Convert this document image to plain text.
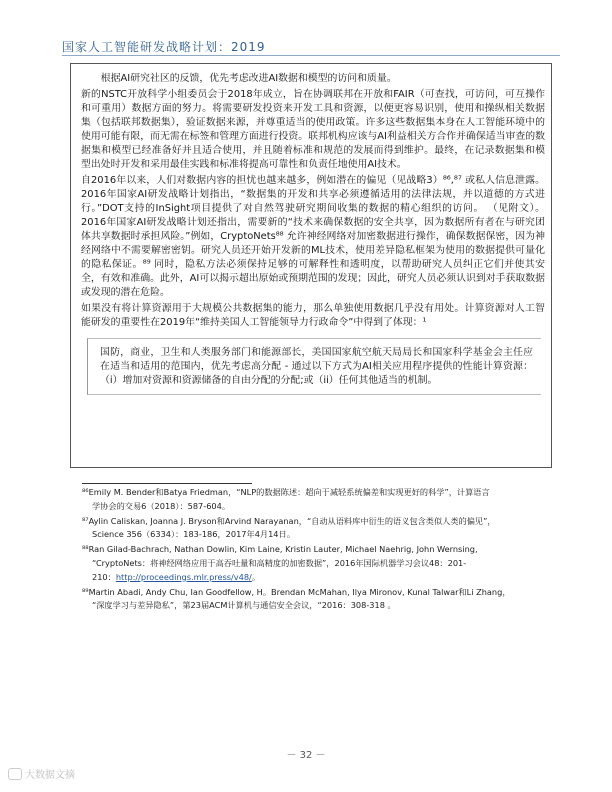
国家人工智能研发战略计划：2019

根据AI研究社区的反馈，优先考虑改进AI数据和模型的访问和质量。

新的NSTC开放科学小组委员会于2018年成立，旨在协调联邦在开放和FAIR（可查找，可访问，可互操作和可重用）数据方面的努力。将需要研发投资来开发工具和资源，以便更容易识别，使用和操纵相关数据集（包括联邦数据集），验证数据来源，并尊重适当的使用政策。许多这些数据集本身在人工智能环境中的使用可能有限，而无需在标签和管理方面进行投资。联邦机构应该与AI利益相关方合作并确保适当审查的数据集和模型已经准备好并且适合使用，并且随着标准和规范的发展而得到维护。最终，在记录数据集和模型出处时开发和采用最佳实践和标准将提高可靠性和负责任地使用AI技术。

自2016年以来，人们对数据内容的担忧也越来越多，例如潜在的偏见（见战略3）⁸⁶,⁸⁷ 或私人信息泄露。2016年国家AI研发战略计划指出，“数据集的开发和共享必须遵循适用的法律法规，并以道德的方式进行。”DOT支持的InSight项目提供了对自然驾驶研究期间收集的数据的精心组织的访问。 （见附文）。2016年国家AI研发战略计划还指出，需要新的“技术来确保数据的安全共享，因为数据所有者在与研究团体共享数据时承担风险。”例如，CryptoNets⁸⁸ 允许神经网络对加密数据进行操作，确保数据保密，因为神经网络中不需要解密密钥。研究人员还开始开发新的ML技术，使用差异隐私框架为使用的数据提供可量化的隐私保证。⁸⁹ 同时，隐私方法必须保持足够的可解释性和透明度，以帮助研究人员纠正它们并使其安全，有效和准确。此外，AI可以揭示超出原始或预期范围的发现；因此，研究人员必须认识到对手获取数据或发现的潜在危险。

如果没有将计算资源用于大规模公共数据集的能力，那么单独使用数据几乎没有用处。计算资源对人工智能研发的重要性在2019年“维持美国人工智能领导力行政命令”中得到了体现：¹

国防，商业，卫生和人类服务部门和能源部长，美国国家航空航天局局长和国家科学基金会主任应在适当和适用的范围内，优先考虑高分配 - 通过以下方式为AI相关应用程序提供的性能计算资源：（i）增加对资源和资源储备的自由分配的分配;或（ii）任何其他适当的机制。
⁸⁶Emily M. Bender和Batya Friedman，“NLP的数据陈述：超向于减轻系统偏差和实现更好的科学”，计算语言
学协会的交易6（2018）：587-604。
⁸⁷Aylin Caliskan, Joanna J. Bryson和Arvind Narayanan，“自动从语料库中衍生的语义包含类似人类的偏见”，
Science 356（6334）：183-186，2017年4月14日。
⁸⁸Ran Gilad-Bachrach, Nathan Dowlin, Kim Laine, Kristin Lauter, Michael Naehrig, John Wernsing,
“CryptoNets：将神经网络应用于高吞吐量和高精度的加密数据”，2016年国际机器学习会议48：201-
210：http://proceedings.mlr.press/v48/。
⁸⁹Martin Abadi, Andy Chu, Ian Goodfellow, H。Brendan McMahan, Ilya Mironov, Kunal Talwar和Li Zhang，
“深度学习与差异隐私”，第23届ACM计算机与通信安全会议，“2016：308-318 。
－ 32 －
大数据文摘
